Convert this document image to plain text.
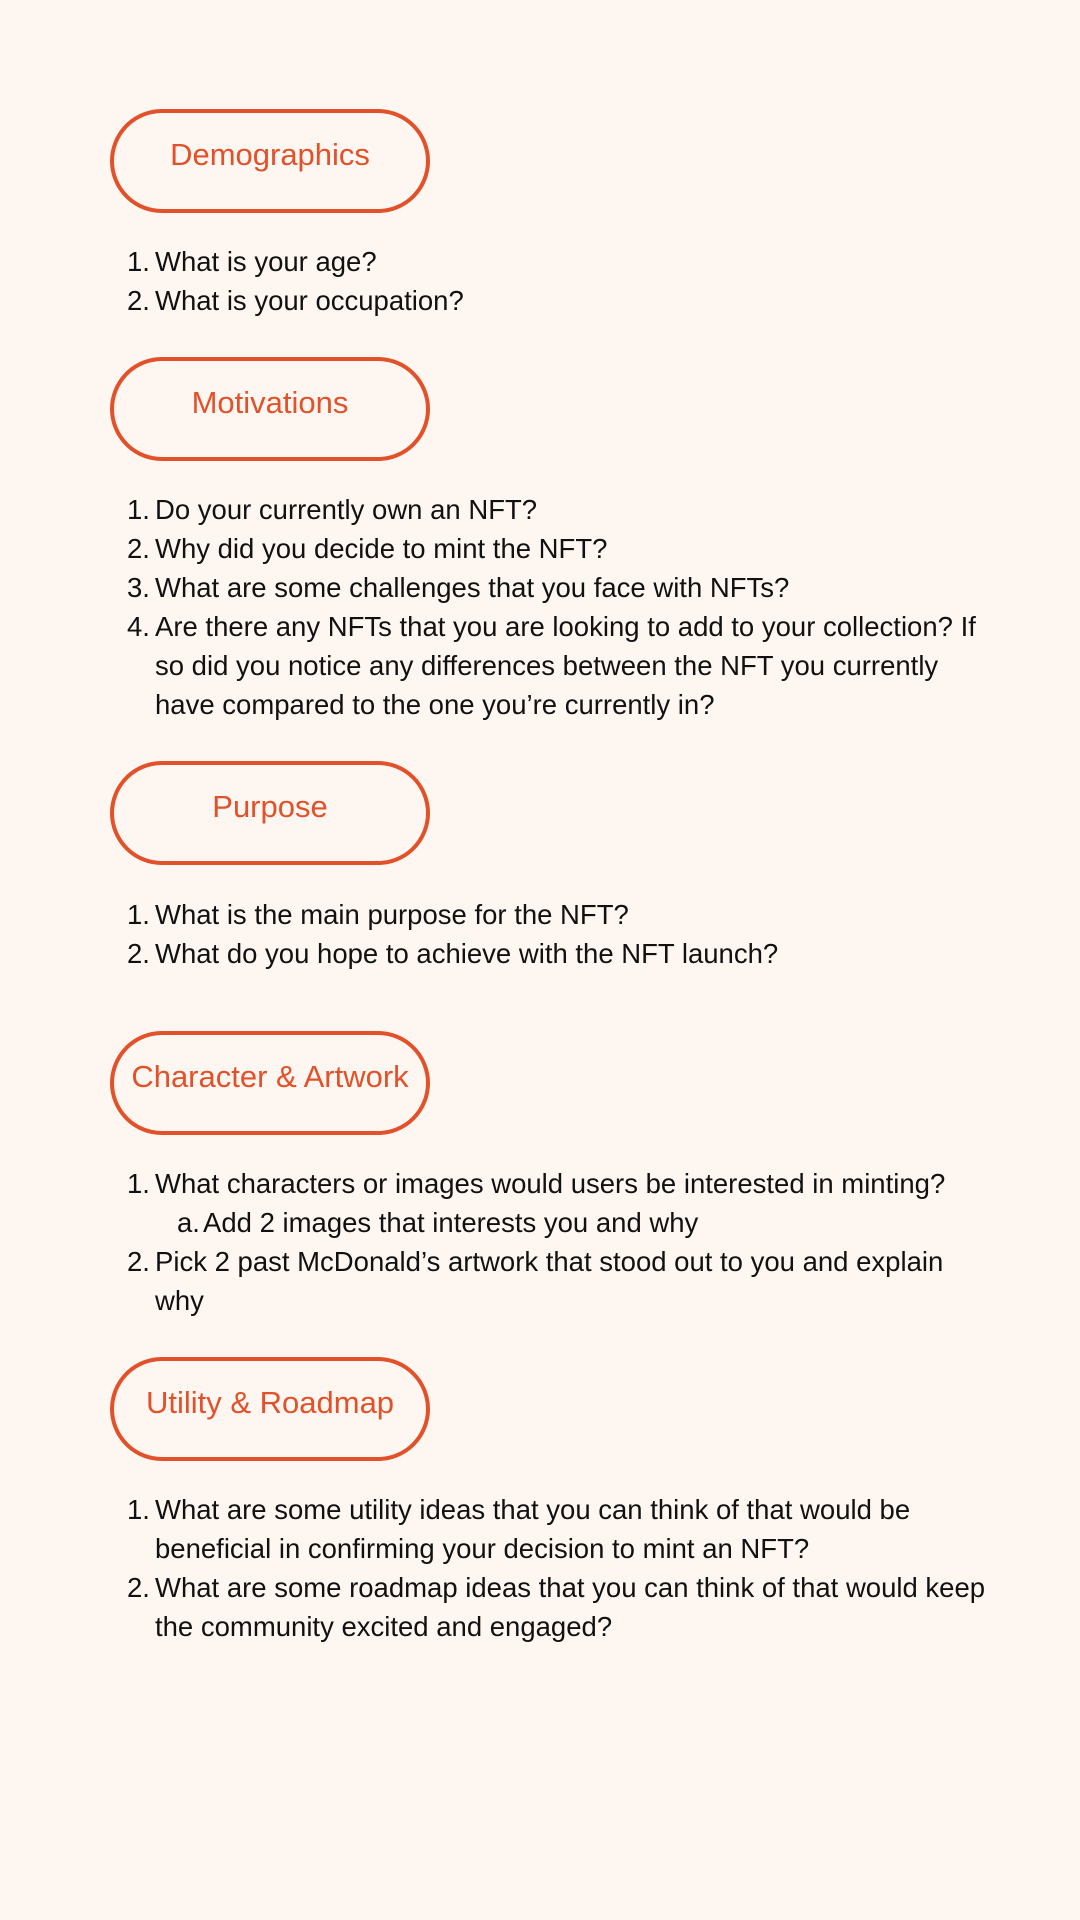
Demographics
1. What is your age?
2. What is your occupation?
Motivations
1. Do your currently own an NFT?
2. Why did you decide to mint the NFT?
3. What are some challenges that you face with NFTs?
4. Are there any NFTs that you are looking to add to your collection? If so did you notice any differences between the NFT you currently have compared to the one you’re currently in?
Purpose
1. What is the main purpose for the NFT?
2. What do you hope to achieve with the NFT launch?
Character & Artwork
1. What characters or images would users be interested in minting?
a. Add 2 images that interests you and why
2. Pick 2 past McDonald’s artwork that stood out to you and explain why
Utility & Roadmap
1. What are some utility ideas that you can think of that would be beneficial in confirming your decision to mint an NFT?
2. What are some roadmap ideas that you can think of that would keep the community excited and engaged?
